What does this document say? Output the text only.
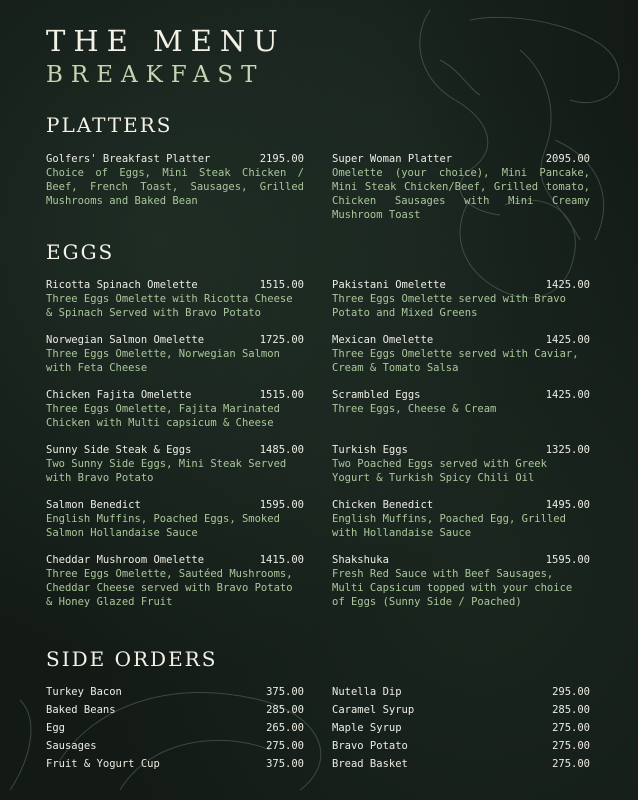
THE MENU
BREAKFAST
PLATTERS
Golfers' Breakfast Platter	2195.00
Choice of Eggs, Mini Steak Chicken / Beef, French Toast, Sausages, Grilled Mushrooms and Baked Bean
Super Woman Platter	2095.00
Omelette (your choice), Mini Pancake, Mini Steak Chicken/Beef, Grilled tomato, Chicken Sausages with Mini Creamy Mushroom Toast
EGGS
Ricotta Spinach Omelette	1515.00
Three Eggs Omelette with Ricotta Cheese & Spinach Served with Bravo Potato
Norwegian Salmon Omelette	1725.00
Three Eggs Omelette, Norwegian Salmon with Feta Cheese
Chicken Fajita Omelette	1515.00
Three Eggs Omelette, Fajita Marinated Chicken with Multi capsicum & Cheese
Sunny Side Steak & Eggs	1485.00
Two Sunny Side Eggs, Mini Steak Served with Bravo Potato
Salmon Benedict	1595.00
English Muffins, Poached Eggs, Smoked Salmon Hollandaise Sauce
Cheddar Mushroom Omelette	1415.00
Three Eggs Omelette, Sautéed Mushrooms, Cheddar Cheese served with Bravo Potato & Honey Glazed Fruit
Pakistani Omelette	1425.00
Three Eggs Omelette served with Bravo Potato and Mixed Greens
Mexican Omelette	1425.00
Three Eggs Omelette served with Caviar, Cream & Tomato Salsa
Scrambled Eggs	1425.00
Three Eggs, Cheese & Cream
Turkish Eggs	1325.00
Two Poached Eggs served with Greek Yogurt & Turkish Spicy Chili Oil
Chicken Benedict	1495.00
English Muffins, Poached Egg, Grilled with Hollandaise Sauce
Shakshuka	1595.00
Fresh Red Sauce with Beef Sausages, Multi Capsicum topped with your choice of Eggs (Sunny Side / Poached)
SIDE ORDERS
Turkey Bacon	375.00
Baked Beans	285.00
Egg	265.00
Sausages	275.00
Fruit & Yogurt Cup	375.00
Nutella Dip	295.00
Caramel Syrup	285.00
Maple Syrup	275.00
Bravo Potato	275.00
Bread Basket	275.00
